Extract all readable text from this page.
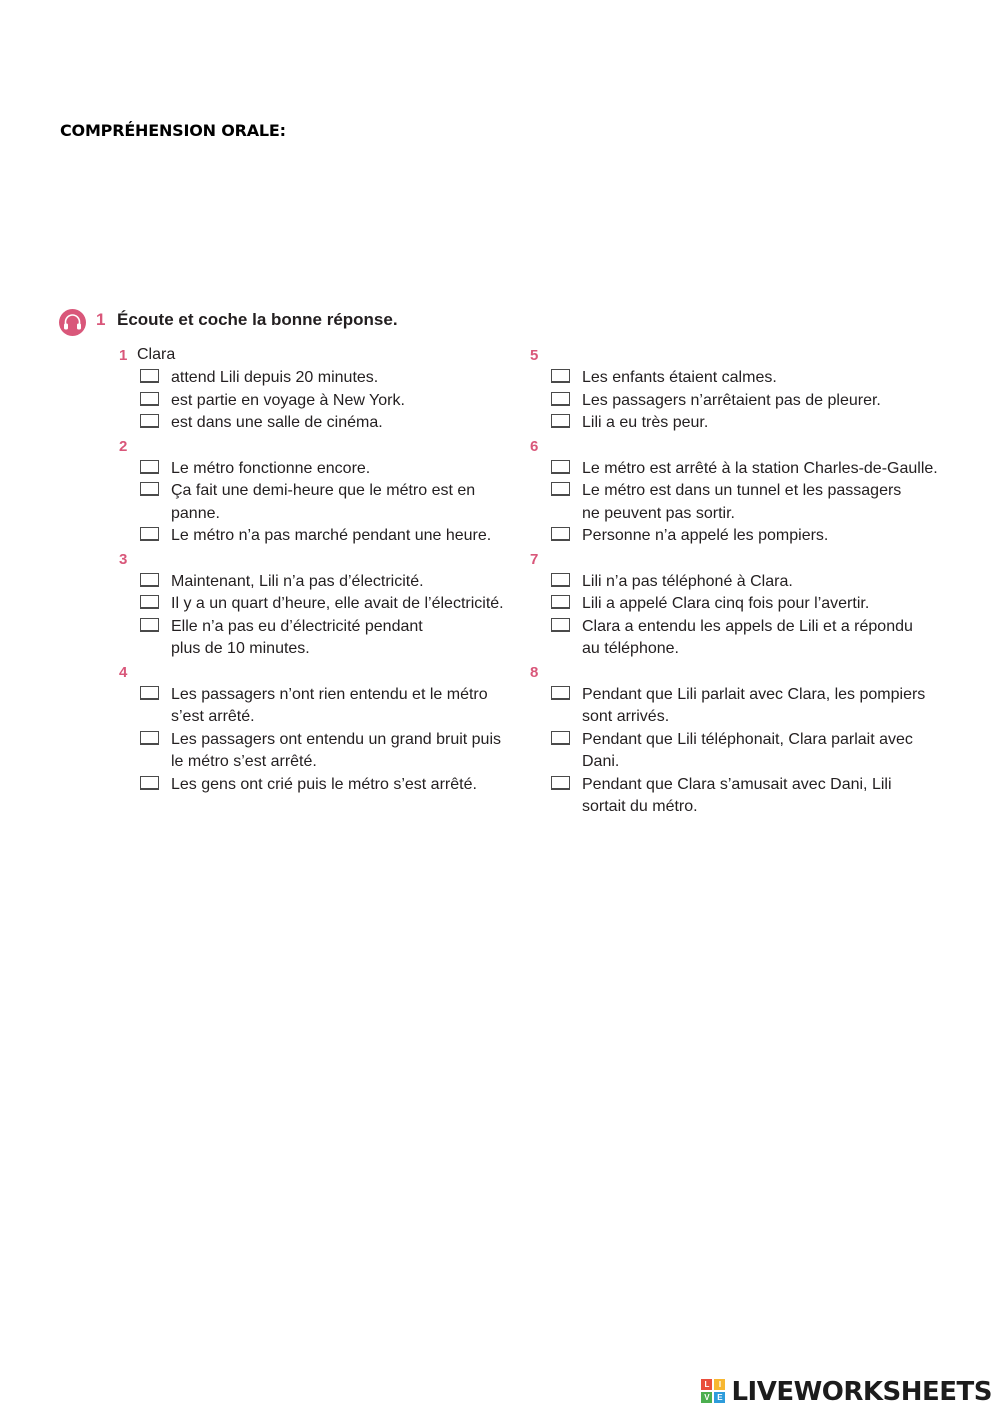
COMPRÉHENSION ORALE:
1 Écoute et coche la bonne réponse.
1 Clara
attend Lili depuis 20 minutes.
est partie en voyage à New York.
est dans une salle de cinéma.
2
Le métro fonctionne encore.
Ça fait une demi-heure que le métro est en
panne.
Le métro n’a pas marché pendant une heure.
3
Maintenant, Lili n’a pas d’électricité.
Il y a un quart d’heure, elle avait de l’électricité.
Elle n’a pas eu d’électricité pendant
plus de 10 minutes.
4
Les passagers n’ont rien entendu et le métro
s’est arrêté.
Les passagers ont entendu un grand bruit puis
le métro s’est arrêté.
Les gens ont crié puis le métro s’est arrêté.
5
Les enfants étaient calmes.
Les passagers n’arrêtaient pas de pleurer.
Lili a eu très peur.
6
Le métro est arrêté à la station Charles-de-Gaulle.
Le métro est dans un tunnel et les passagers
ne peuvent pas sortir.
Personne n’a appelé les pompiers.
7
Lili n’a pas téléphoné à Clara.
Lili a appelé Clara cinq fois pour l’avertir.
Clara a entendu les appels de Lili et a répondu
au téléphone.
8
Pendant que Lili parlait avec Clara, les pompiers
sont arrivés.
Pendant que Lili téléphonait, Clara parlait avec Dani.
Pendant que Clara s’amusait avec Dani, Lili
sortait du métro.
L	I
V E LIVEWORKSHEETS
